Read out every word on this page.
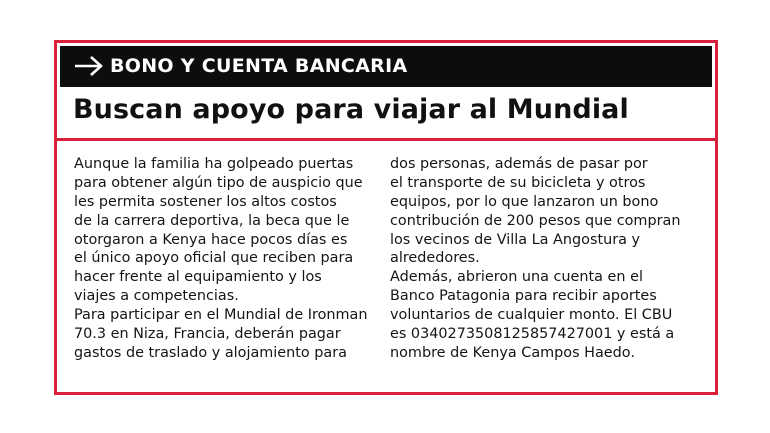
BONO Y CUENTA BANCARIA
Buscan apoyo para viajar al Mundial
Aunque la familia ha golpeado puertas
para obtener algún tipo de auspicio que
les permita sostener los altos costos
de la carrera deportiva, la beca que le
otorgaron a Kenya hace pocos días es
el único apoyo oficial que reciben para
hacer frente al equipamiento y los
viajes a competencias.
Para participar en el Mundial de Ironman
70.3 en Niza, Francia, deberán pagar
gastos de traslado y alojamiento para
dos personas, además de pasar por
el transporte de su bicicleta y otros
equipos, por lo que lanzaron un bono
contribución de 200 pesos que compran
los vecinos de Villa La Angostura y
alrededores.
Además, abrieron una cuenta en el
Banco Patagonia para recibir aportes
voluntarios de cualquier monto. El CBU
es 0340273508125857427001 y está a
nombre de Kenya Campos Haedo.
